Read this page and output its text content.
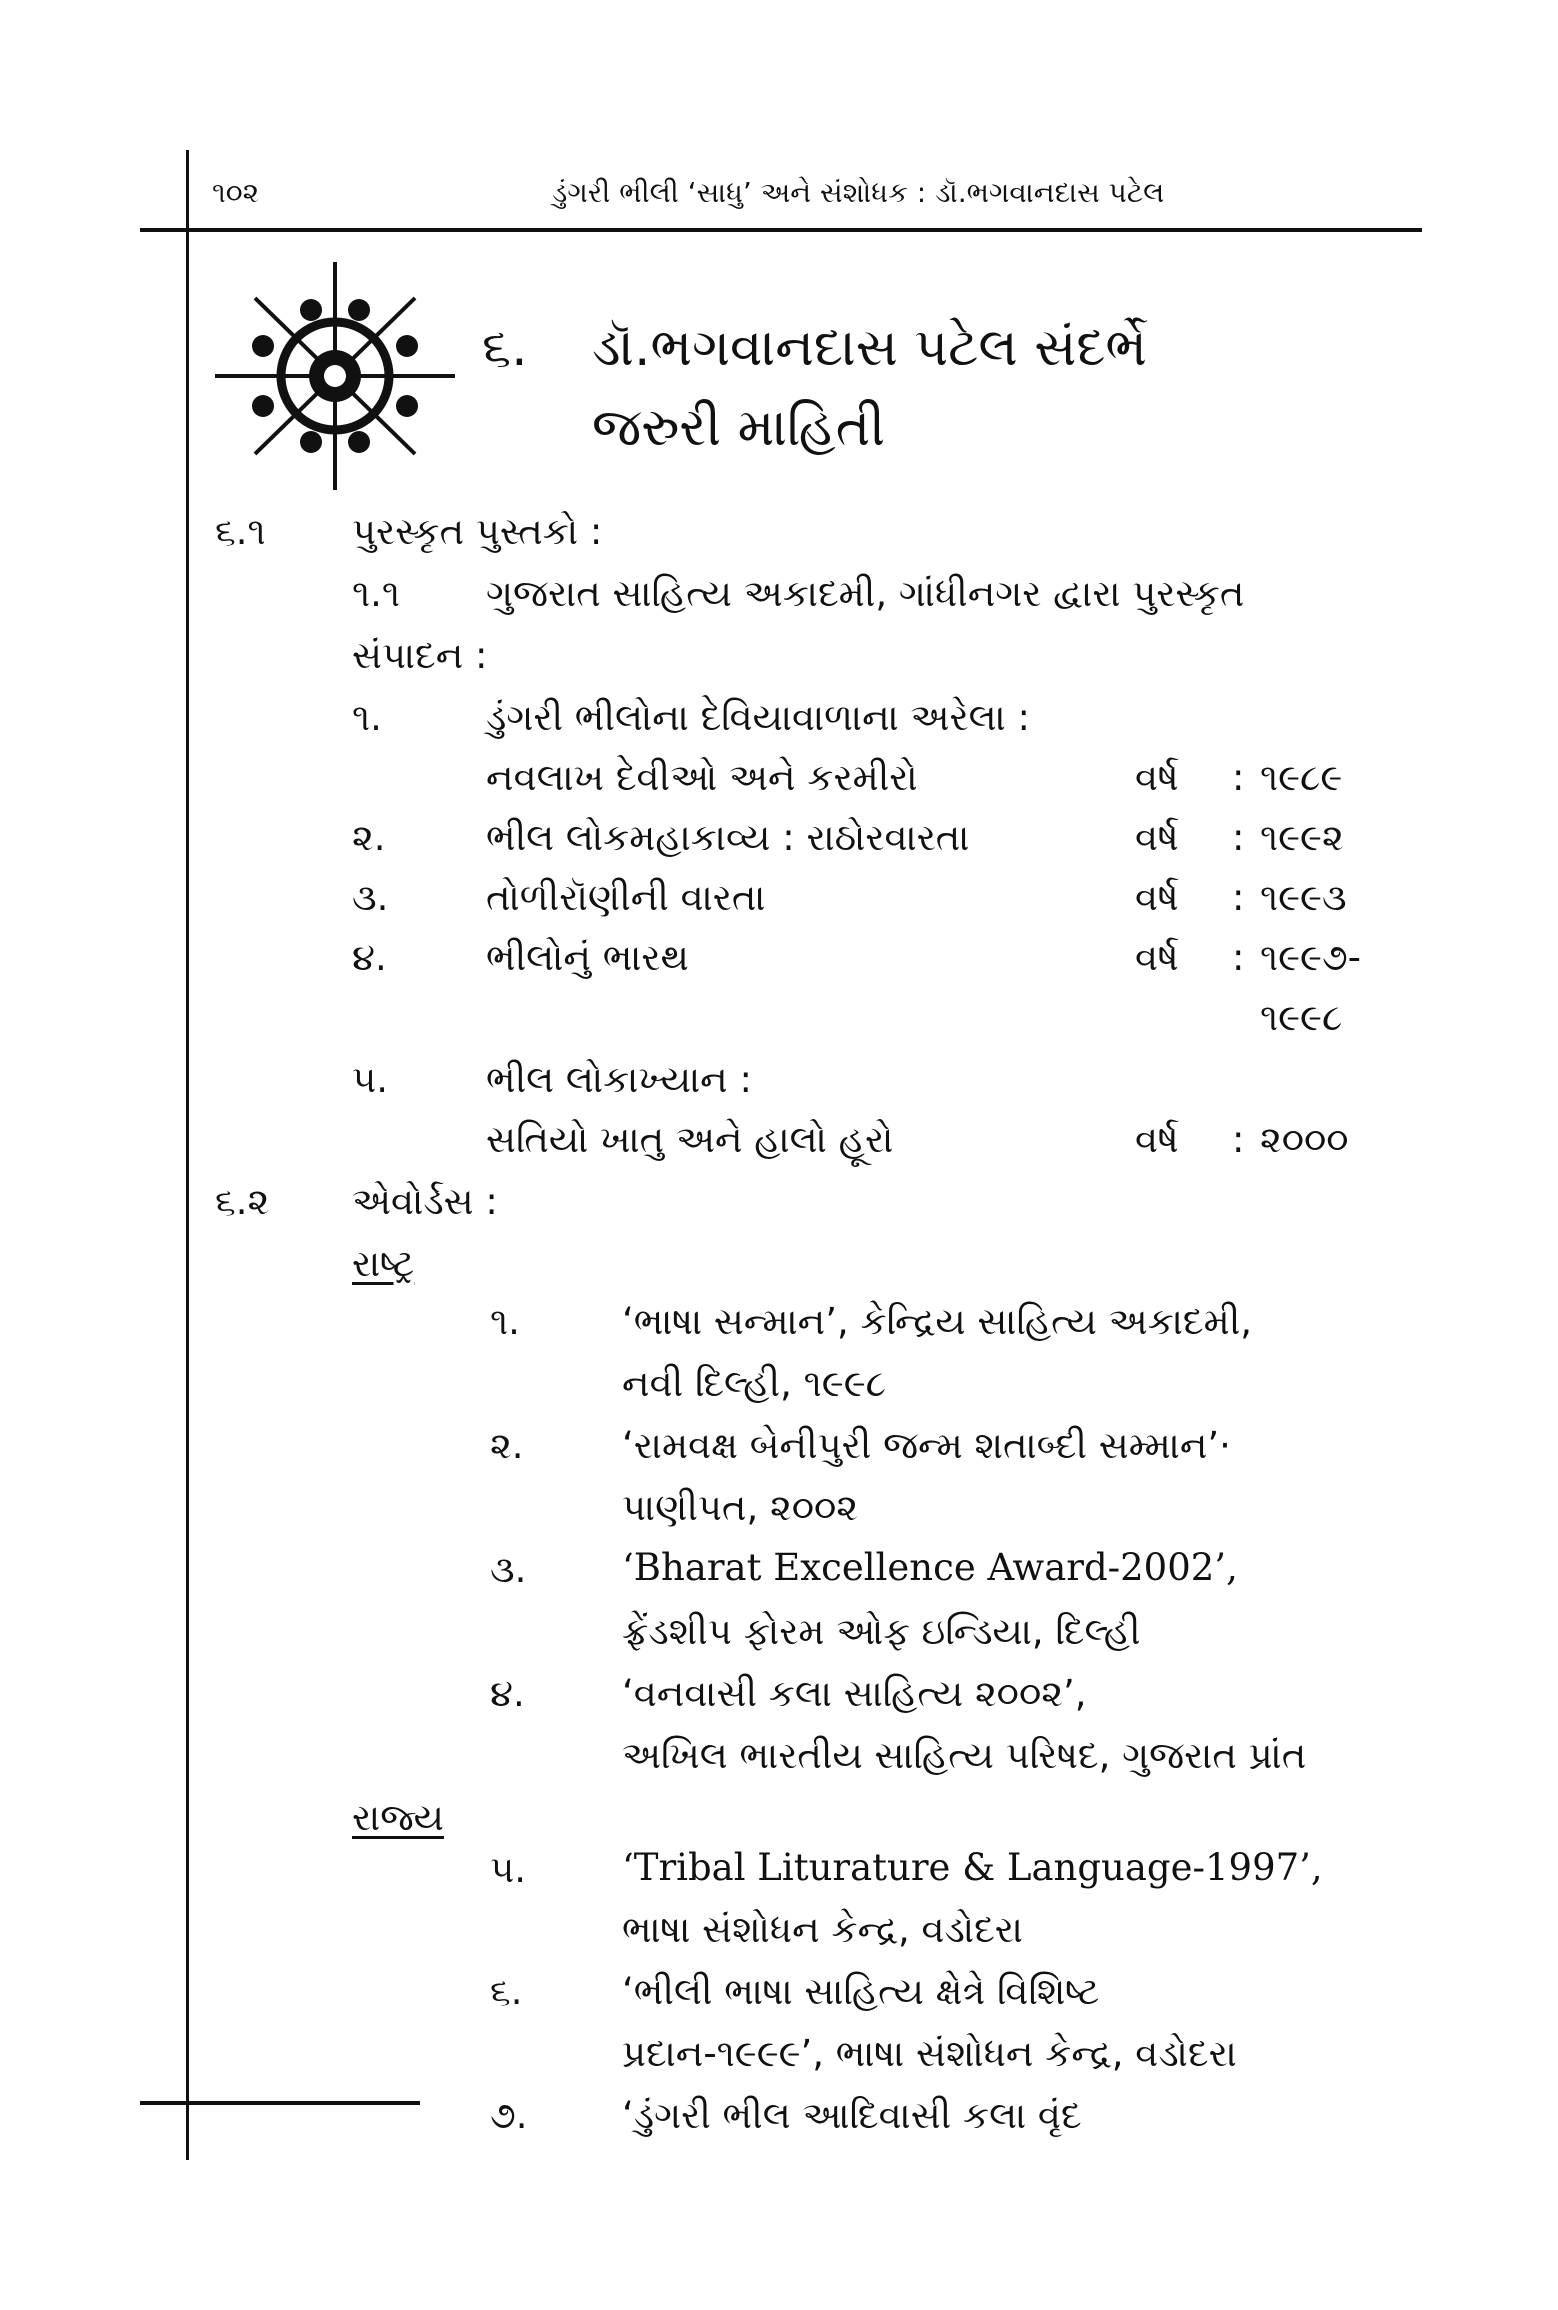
૧૦૨	ડુંગરી ભીલી ‘સાધુ’ અને સંશોધક : ડૉ.ભગવાનદાસ પટેલ
૬. ડૉ.ભગવાનદાસ પટેલ સંદર્ભે
જરુરી માહિતી
૬.૧ પુરસ્કૃત પુસ્તકો :
૧.૧ ગુજરાત સાહિત્ય અકાદમી, ગાંધીનગર દ્વારા પુરસ્કૃત
સંપાદન :
૧.	ડુંગરી ભીલોના દેવિયાવાળાના અરેલા :
નવલાખ દેવીઓ અને કરમીરો	વર્ષ : ૧૯૮૯
૨.	ભીલ લોકમહાકાવ્ય : રાઠોરવારતા	વર્ષ : ૧૯૯૨
૩.	તોળીરૉણીની વારતા	વર્ષ : ૧૯૯૩
૪.	ભીલોનું ભારથ	વર્ષ : ૧૯૯૭-
૧૯૯૮
૫.	ભીલ લોકાખ્યાન :
સતિયો ખાતુ અને હાલો હૂરો	વર્ષ : ૨૦૦૦
૬.૨ એવોર્ડસ :
રાષ્ટ્ર
૧.	‘ભાષા સન્માન’, કેન્દ્રિય સાહિત્ય અકાદમી,
નવી દિલ્હી, ૧૯૯૮
૨.	‘રામવક્ષ બેનીપુરી જન્મ શતાબ્દી સમ્માન’·
પાણીપત, ૨૦૦૨
૩.	‘Bharat Excellence Award-2002’,
ફ્રેંડશીપ ફોરમ ઓફ ઇન્ડિયા, દિલ્હી
૪.	‘વનવાસી કલા સાહિત્ય ૨૦૦૨’,
અખિલ ભારતીય સાહિત્ય પરિષદ, ગુજરાત પ્રાંત
રાજ્ય
૫.	‘Tribal Liturature & Language-1997’,
ભાષા સંશોધન કેન્દ્ર, વડોદરા
૬.	‘ભીલી ભાષા સાહિત્ય ક્ષેત્રે વિશિષ્ટ
પ્રદાન-૧૯૯૯’, ભાષા સંશોધન કેન્દ્ર, વડોદરા
૭.	‘ડુંગરી ભીલ આદિવાસી કલા વૃંદ
